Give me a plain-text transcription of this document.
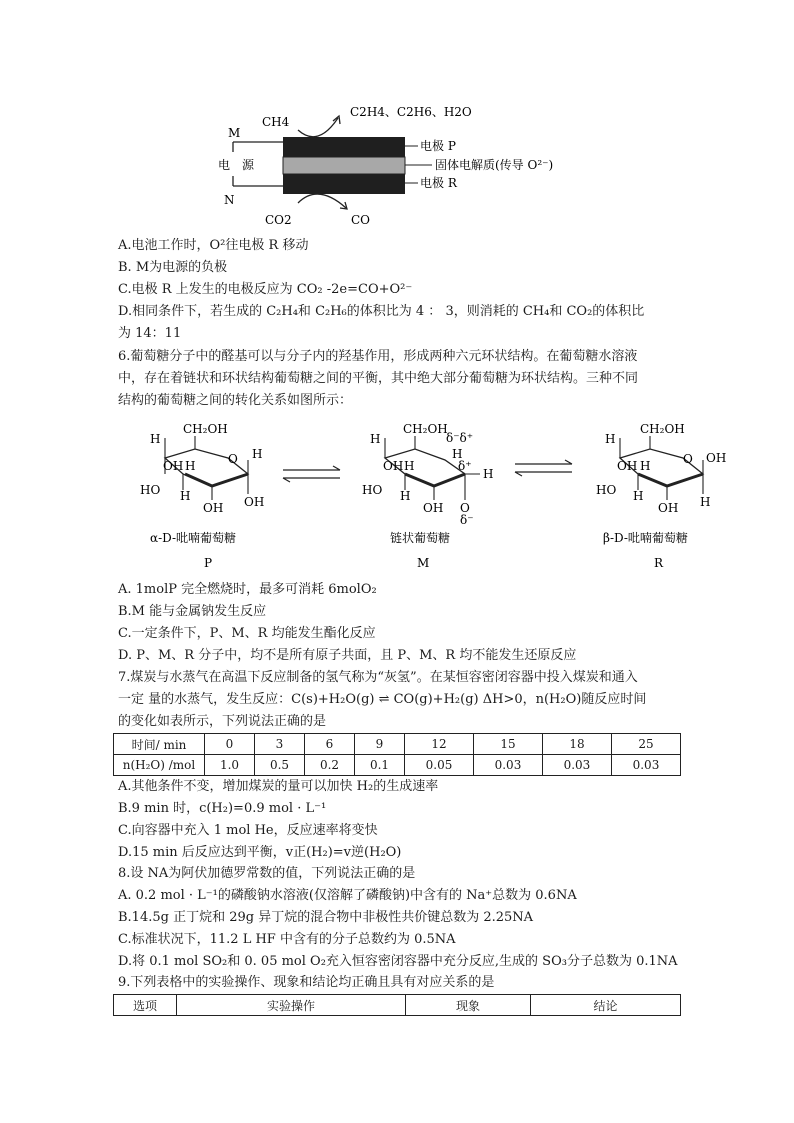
CH4
C2H4、C2H6、H2O
CO2	CO
M
N
电　源
电极 P
固体电解质(传导 O²⁻)
电极 R
A.电池工作时，O²往电极 R 移动
B. M为电源的负极
C.电极 R 上发生的电极反应为 CO₂ -2e=CO+O²⁻
D.相同条件下，若生成的 C₂H₄和 C₂H₆的体积比为 4 ： 3，则消耗的 CH₄和 CO₂的体积比
为 14：11
6.葡萄糖分子中的醛基可以与分子内的羟基作用，形成两种六元环状结构。在葡萄糖水溶液
中，存在着链状和环状结构葡萄糖之间的平衡，其中绝大部分葡萄糖为环状结构。三种不同
结构的葡萄糖之间的转化关系如图所示：
CH₂OH
H
O H
OH H
HO
OH
H
OH
CH₂OH
δ⁻δ⁺
H
H
δ⁺
H
OH H
HO H
OH O
δ⁻
CH₂OH
H
O OH
OH H
HO
H
H
OH
α-D-吡喃葡萄糖	链状葡萄糖	β-D-吡喃葡萄糖
P	M	R
A. 1molP 完全燃烧时，最多可消耗 6molO₂
B.M 能与金属钠发生反应
C.一定条件下，P、M、R 均能发生酯化反应
D. P、M、R 分子中，均不是所有原子共面，且 P、M、R 均不能发生还原反应
7.煤炭与水蒸气在高温下反应制备的氢气称为“灰氢”。在某恒容密闭容器中投入煤炭和通入
一定 量的水蒸气，发生反应：C(s)+H₂O(g) ⇌ CO(g)+H₂(g) ΔH>0，n(H₂O)随反应时间
的变化如表所示，下列说法正确的是
时间/ min	0	3	6	9	12	15	18	25
n(H₂O) /mol	1.0	0.5	0.2	0.1	0.05	0.03	0.03	0.03
A.其他条件不变，增加煤炭的量可以加快 H₂的生成速率
B.9 min 时，c(H₂)=0.9 mol · L⁻¹
C.向容器中充入 1 mol He，反应速率将变快
D.15 min 后反应达到平衡，v正(H₂)=v逆(H₂O)
8.设 NA为阿伏加德罗常数的值，下列说法正确的是
A. 0.2 mol · L⁻¹的磷酸钠水溶液(仅溶解了磷酸钠)中含有的 Na⁺总数为 0.6NA
B.14.5g 正丁烷和 29g 异丁烷的混合物中非极性共价键总数为 2.25NA
C.标准状况下，11.2 L HF 中含有的分子总数约为 0.5NA
D.将 0.1 mol SO₂和 0. 05 mol O₂充入恒容密闭容器中充分反应,生成的 SO₃分子总数为 0.1NA
9.下列表格中的实验操作、现象和结论均正确且具有对应关系的是
选项	实验操作	现象	结论
